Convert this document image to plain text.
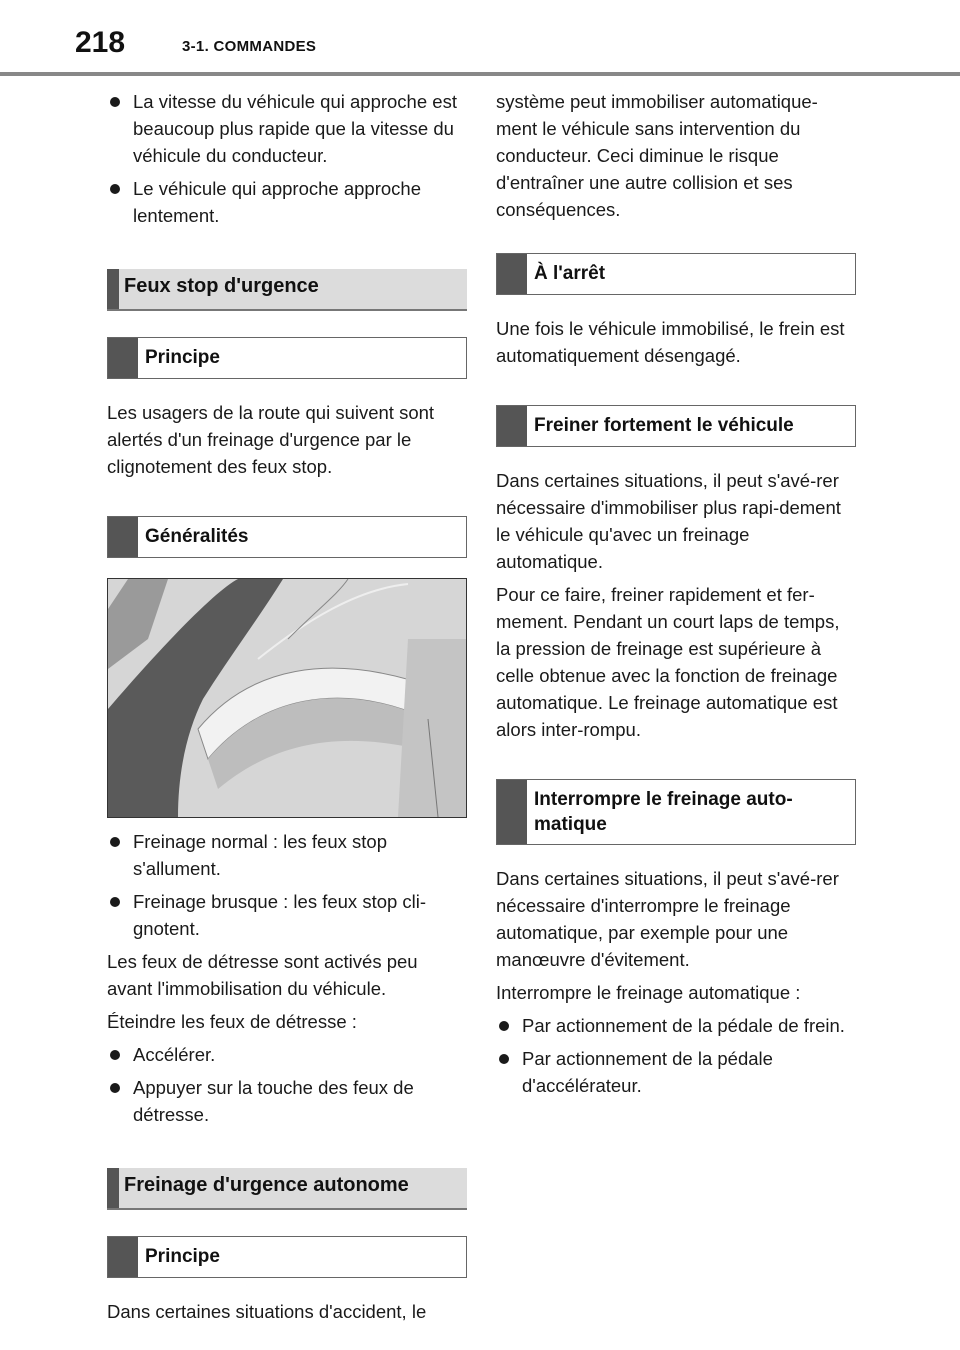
218	3-1. COMMANDES
La vitesse du véhicule qui approche est beaucoup plus rapide que la vitesse du véhicule du conducteur.
Le véhicule qui approche approche lentement.
Feux stop d'urgence
Principe

Les usagers de la route qui suivent sont alertés d'un freinage d'urgence par le clignotement des feux stop.

Généralités
Freinage normal : les feux stop s'allument.
Freinage brusque : les feux stop cli-gnotent.

Les feux de détresse sont activés peu avant l'immobilisation du véhicule.

Éteindre les feux de détresse :

Accélérer.
Appuyer sur la touche des feux de détresse.
Freinage d'urgence autonome
Principe

Dans certaines situations d'accident, le

système peut immobiliser automatique-ment le véhicule sans intervention du conducteur. Ceci diminue le risque d'entraîner une autre collision et ses conséquences.

À l'arrêt

Une fois le véhicule immobilisé, le frein est automatiquement désengagé.

Freiner fortement le véhicule

Dans certaines situations, il peut s'avé-rer nécessaire d'immobiliser plus rapi-dement le véhicule qu'avec un freinage automatique.

Pour ce faire, freiner rapidement et fer-mement. Pendant un court laps de temps, la pression de freinage est supérieure à celle obtenue avec la fonction de freinage automatique. Le freinage automatique est alors inter-rompu.

Interrompre le freinage auto-matique

Dans certaines situations, il peut s'avé-rer nécessaire d'interrompre le freinage automatique, par exemple pour une manœuvre d'évitement.

Interrompre le freinage automatique :

Par actionnement de la pédale de frein.
Par actionnement de la pédale d'accélérateur.
